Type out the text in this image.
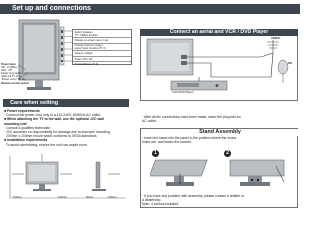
Set up and connections
Power lamp
ON : Lit (Blue)
OFF : Off
Power lamp lights
while the TV is on.
"Power Lamp" (P. 11)
Remote control sensor
Switch between
TV / VIDEO devices
Display on-screen menu / set
Change channel / Page /
Hyper-Scan Function (P. 3)
Volume / Adjust
Power ON / Off
To Headphone (P. 3)
Care when setting
■ Power requirements
· Connect the power cord only to a 110-240V, 50/60Hz AC outlet.
■ When attaching the TV to the wall, use the optional JVC wall
mounting unit
· Consult a qualified technician.
· JVC assumes no responsibility for damage due to improper mounting.
· 200mm x 200mm mount which conforms to VESA standards
■ Installation requirements
· To avoid overheating, ensure the unit has ample room.
150mm	150mm	50mm	150mm
Connect an aerial and VCR / DVD Player
AERIAL
OR
VCR (DVD Player)
· After all the connections have been made, insert the plug into an
AC outlet.
Stand Assembly
· Insert the stand into the panel in the position where the screw
holes are, and fasten the screws.
1	2
· If you have any problem with assembly, please contact a retailer or
a dealership.
Note: 4 screws included.
